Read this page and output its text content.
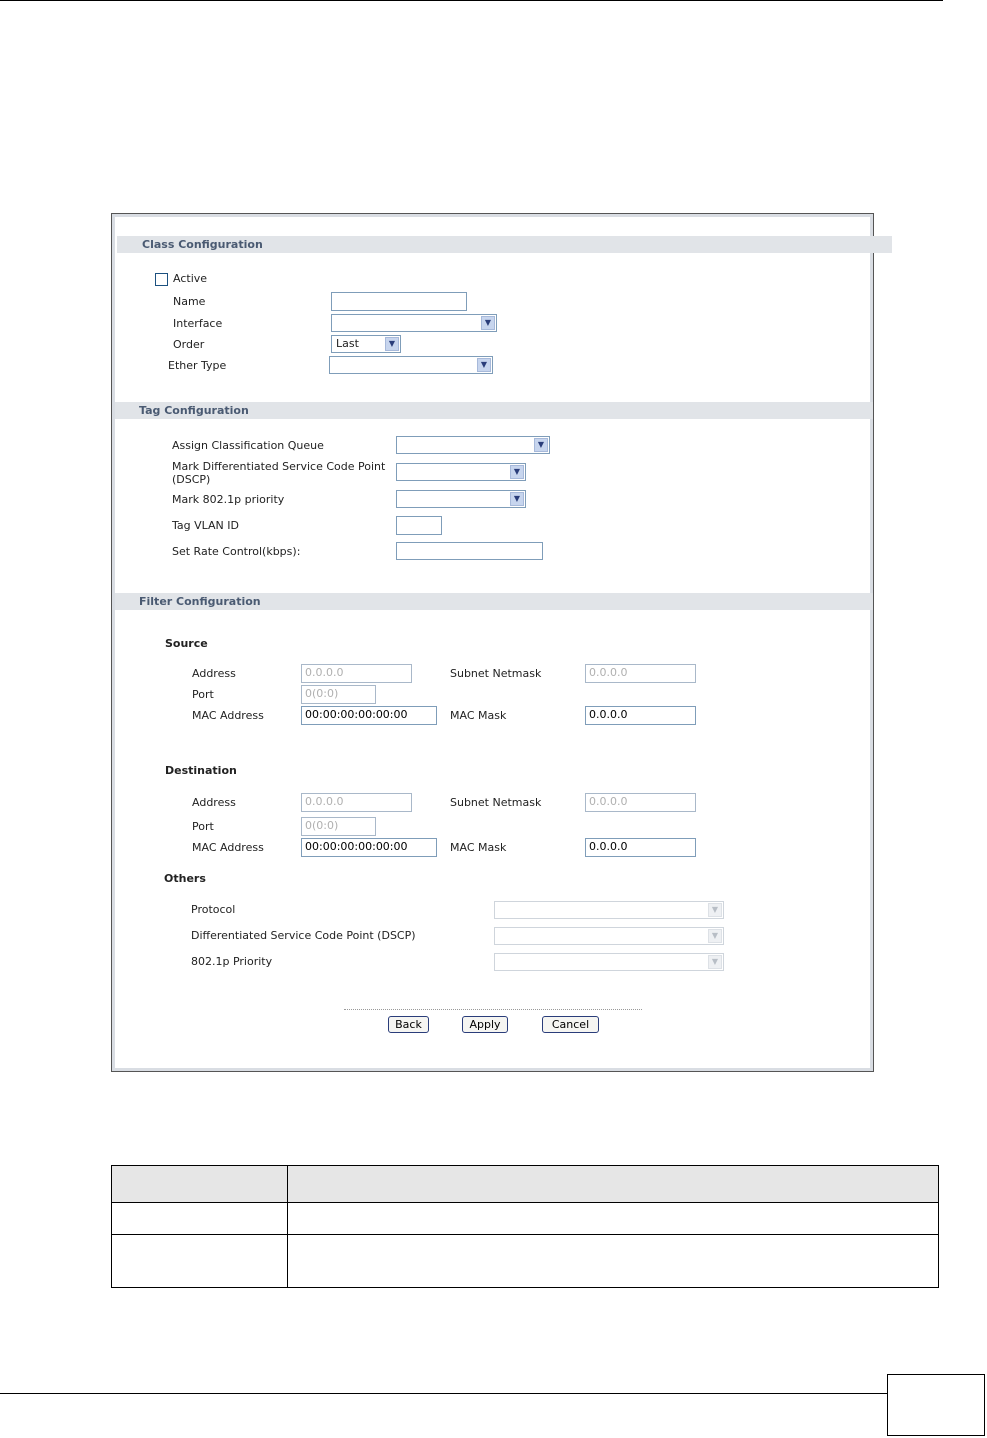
Class Configuration
Active
Name
Interface	▼
Order	Last	▼
Ether Type	▼
Tag Configuration
Assign Classification Queue	▼
Mark Differentiated Service Code Point
(DSCP)
▼
Mark 802.1p priority	▼
Tag VLAN ID
Set Rate Control(kbps):
Filter Configuration
Source
Address	0.0.0.0	Subnet Netmask	0.0.0.0
Port	0(0:0)
MAC Address	00:00:00:00:00:00	MAC Mask	0.0.0.0
Destination
Address	0.0.0.0	Subnet Netmask	0.0.0.0
Port	0(0:0)
MAC Address	00:00:00:00:00:00	MAC Mask	0.0.0.0
Others
Protocol	▼
Differentiated Service Code Point (DSCP)	▼
802.1p Priority	▼
Back	Apply	Cancel
